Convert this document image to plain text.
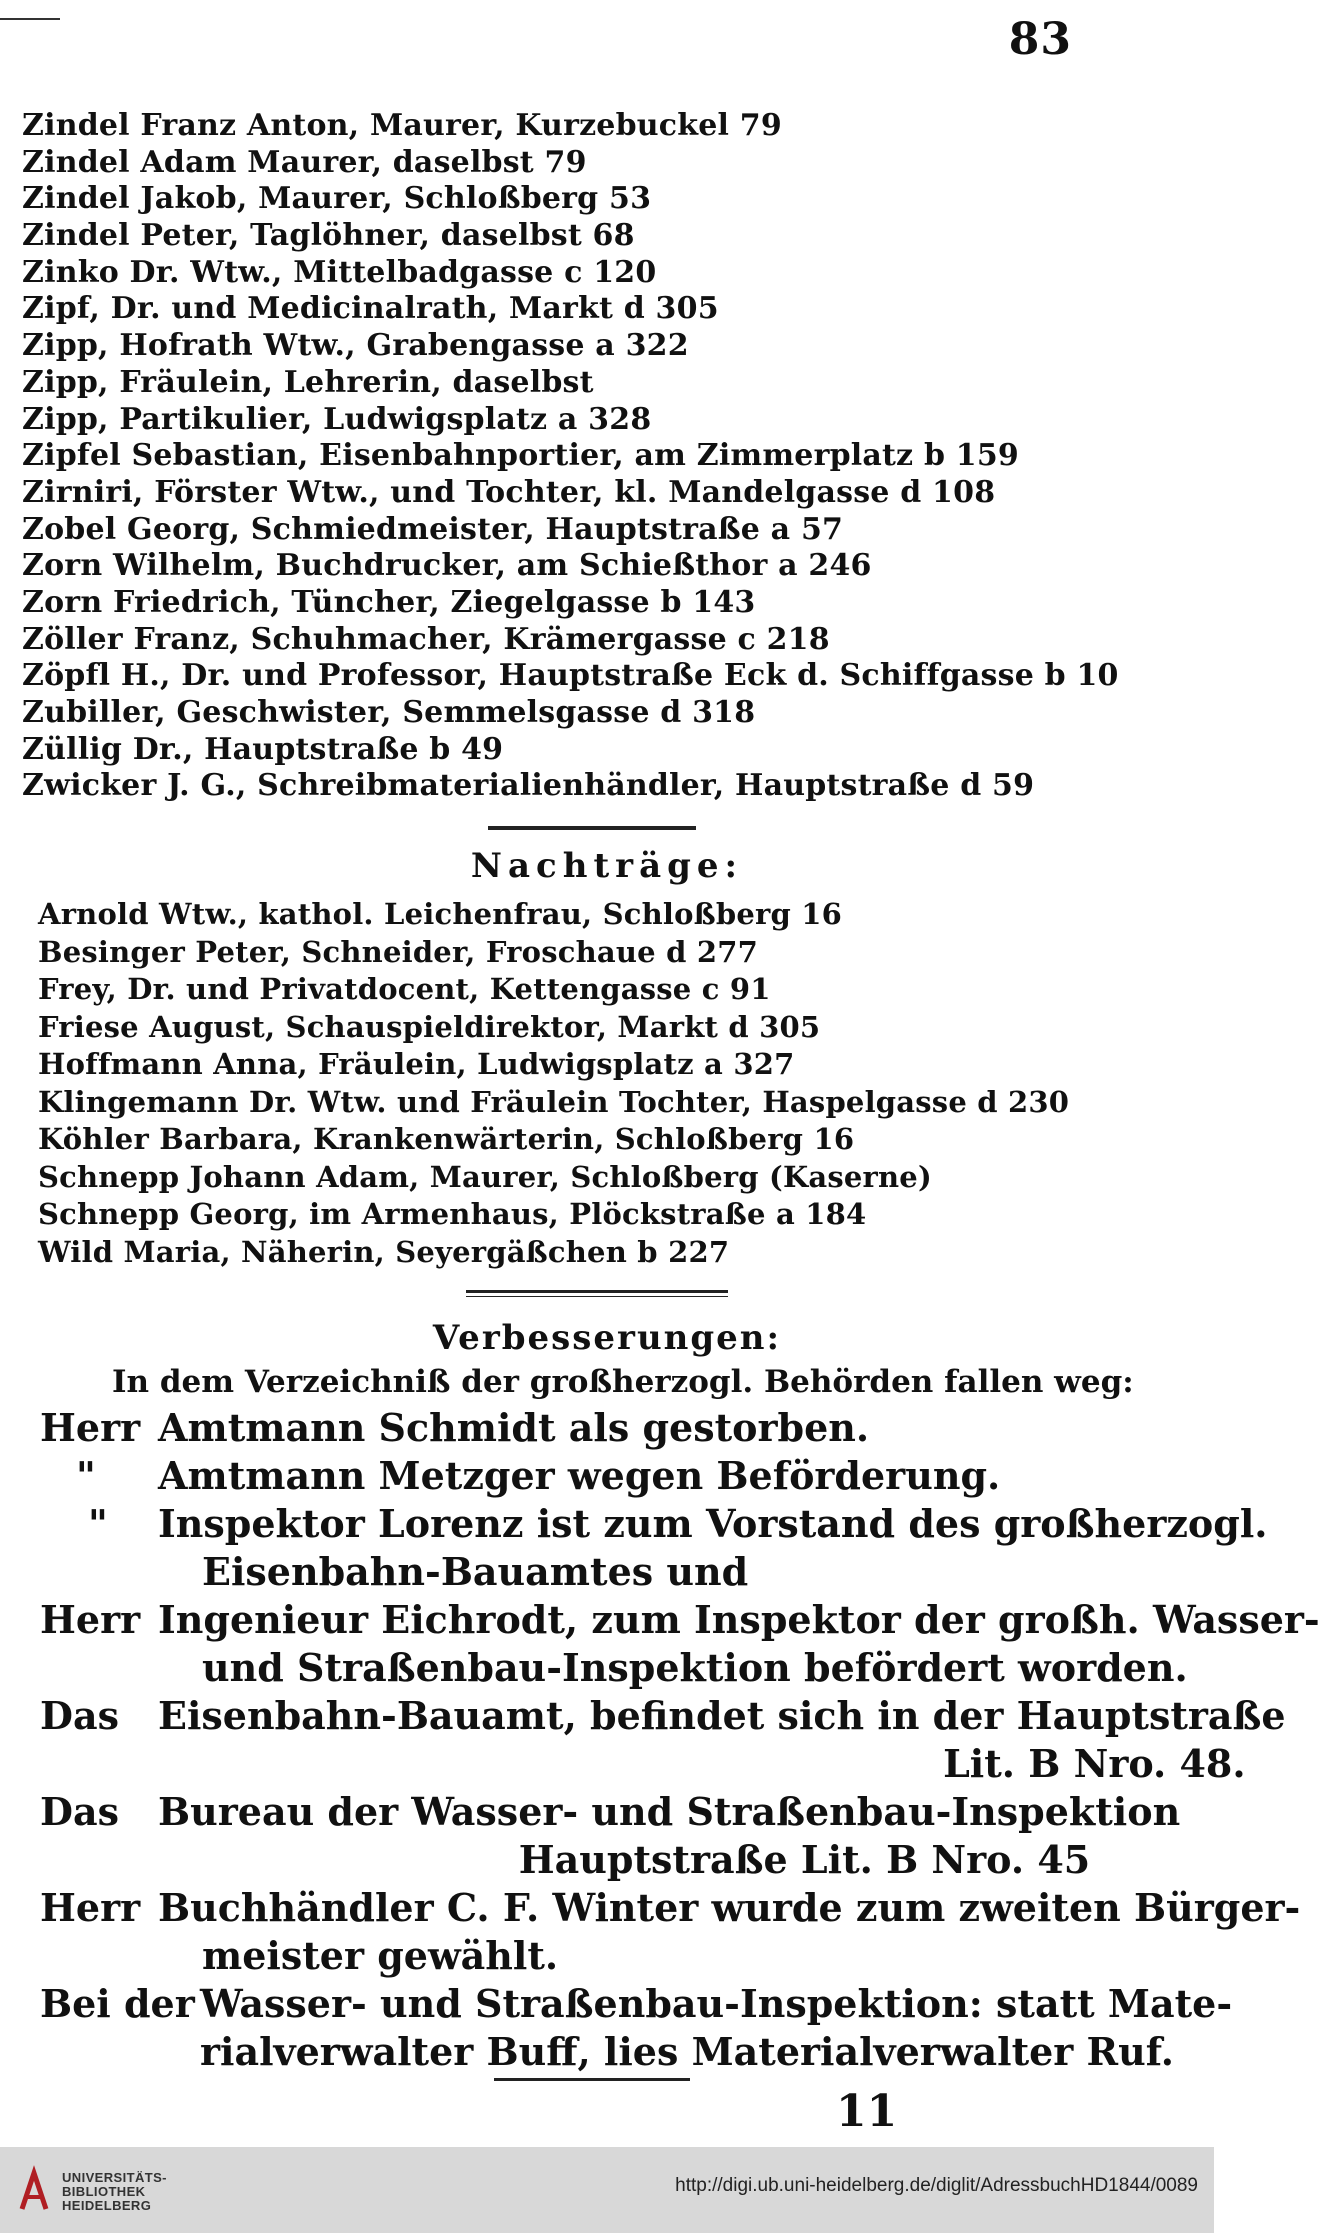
83
Zindel Franz Anton, Maurer, Kurzebuckel 79
Zindel Adam Maurer, daselbst 79
Zindel Jakob, Maurer, Schloßberg 53
Zindel Peter, Taglöhner, daselbst 68
Zinko Dr. Wtw., Mittelbadgasse c 120
Zipf, Dr. und Medicinalrath, Markt d 305
Zipp, Hofrath Wtw., Grabengasse a 322
Zipp, Fräulein, Lehrerin, daselbst
Zipp, Partikulier, Ludwigsplatz a 328
Zipfel Sebastian, Eisenbahnportier, am Zimmerplatz b 159
Zirniri, Förster Wtw., und Tochter, kl. Mandelgasse d 108
Zobel Georg, Schmiedmeister, Hauptstraße a 57
Zorn Wilhelm, Buchdrucker, am Schießthor a 246
Zorn Friedrich, Tüncher, Ziegelgasse b 143
Zöller Franz, Schuhmacher, Krämergasse c 218
Zöpfl H., Dr. und Professor, Hauptstraße Eck d. Schiffgasse b 10
Zubiller, Geschwister, Semmelsgasse d 318
Züllig Dr., Hauptstraße b 49
Zwicker J. G., Schreibmaterialienhändler, Hauptstraße d 59
Nachträge:
Arnold Wtw., kathol. Leichenfrau, Schloßberg 16
Besinger Peter, Schneider, Froschaue d 277
Frey, Dr. und Privatdocent, Kettengasse c 91
Friese August, Schauspieldirektor, Markt d 305
Hoffmann Anna, Fräulein, Ludwigsplatz a 327
Klingemann Dr. Wtw. und Fräulein Tochter, Haspelgasse d 230
Köhler Barbara, Krankenwärterin, Schloßberg 16
Schnepp Johann Adam, Maurer, Schloßberg (Kaserne)
Schnepp Georg, im Armenhaus, Plöckstraße a 184
Wild Maria, Näherin, Seyergäßchen b 227
Verbesserungen:
In dem Verzeichniß der großherzogl. Behörden fallen weg:
Herr Amtmann Schmidt als gestorben.
"	Amtmann Metzger wegen Beförderung.
"	Inspektor Lorenz ist zum Vorstand des großherzogl.
Eisenbahn-Bauamtes und
Herr Ingenieur Eichrodt, zum Inspektor der großh. Wasser-
und Straßenbau-Inspektion befördert worden.
Das	Eisenbahn-Bauamt, befindet sich in der Hauptstraße
Lit. B Nro. 48.
Das	Bureau der Wasser- und Straßenbau-Inspektion
Hauptstraße Lit. B Nro. 45
Herr Buchhändler C. F. Winter wurde zum zweiten Bürger-
meister gewählt.
Bei der Wasser- und Straßenbau-Inspektion: statt Mate-
rialverwalter Buff, lies Materialverwalter Ruf.
11
UNIVERSITÄTS-
BIBLIOTHEK
HEIDELBERG
http://digi.ub.uni-heidelberg.de/diglit/AdressbuchHD1844/0089
